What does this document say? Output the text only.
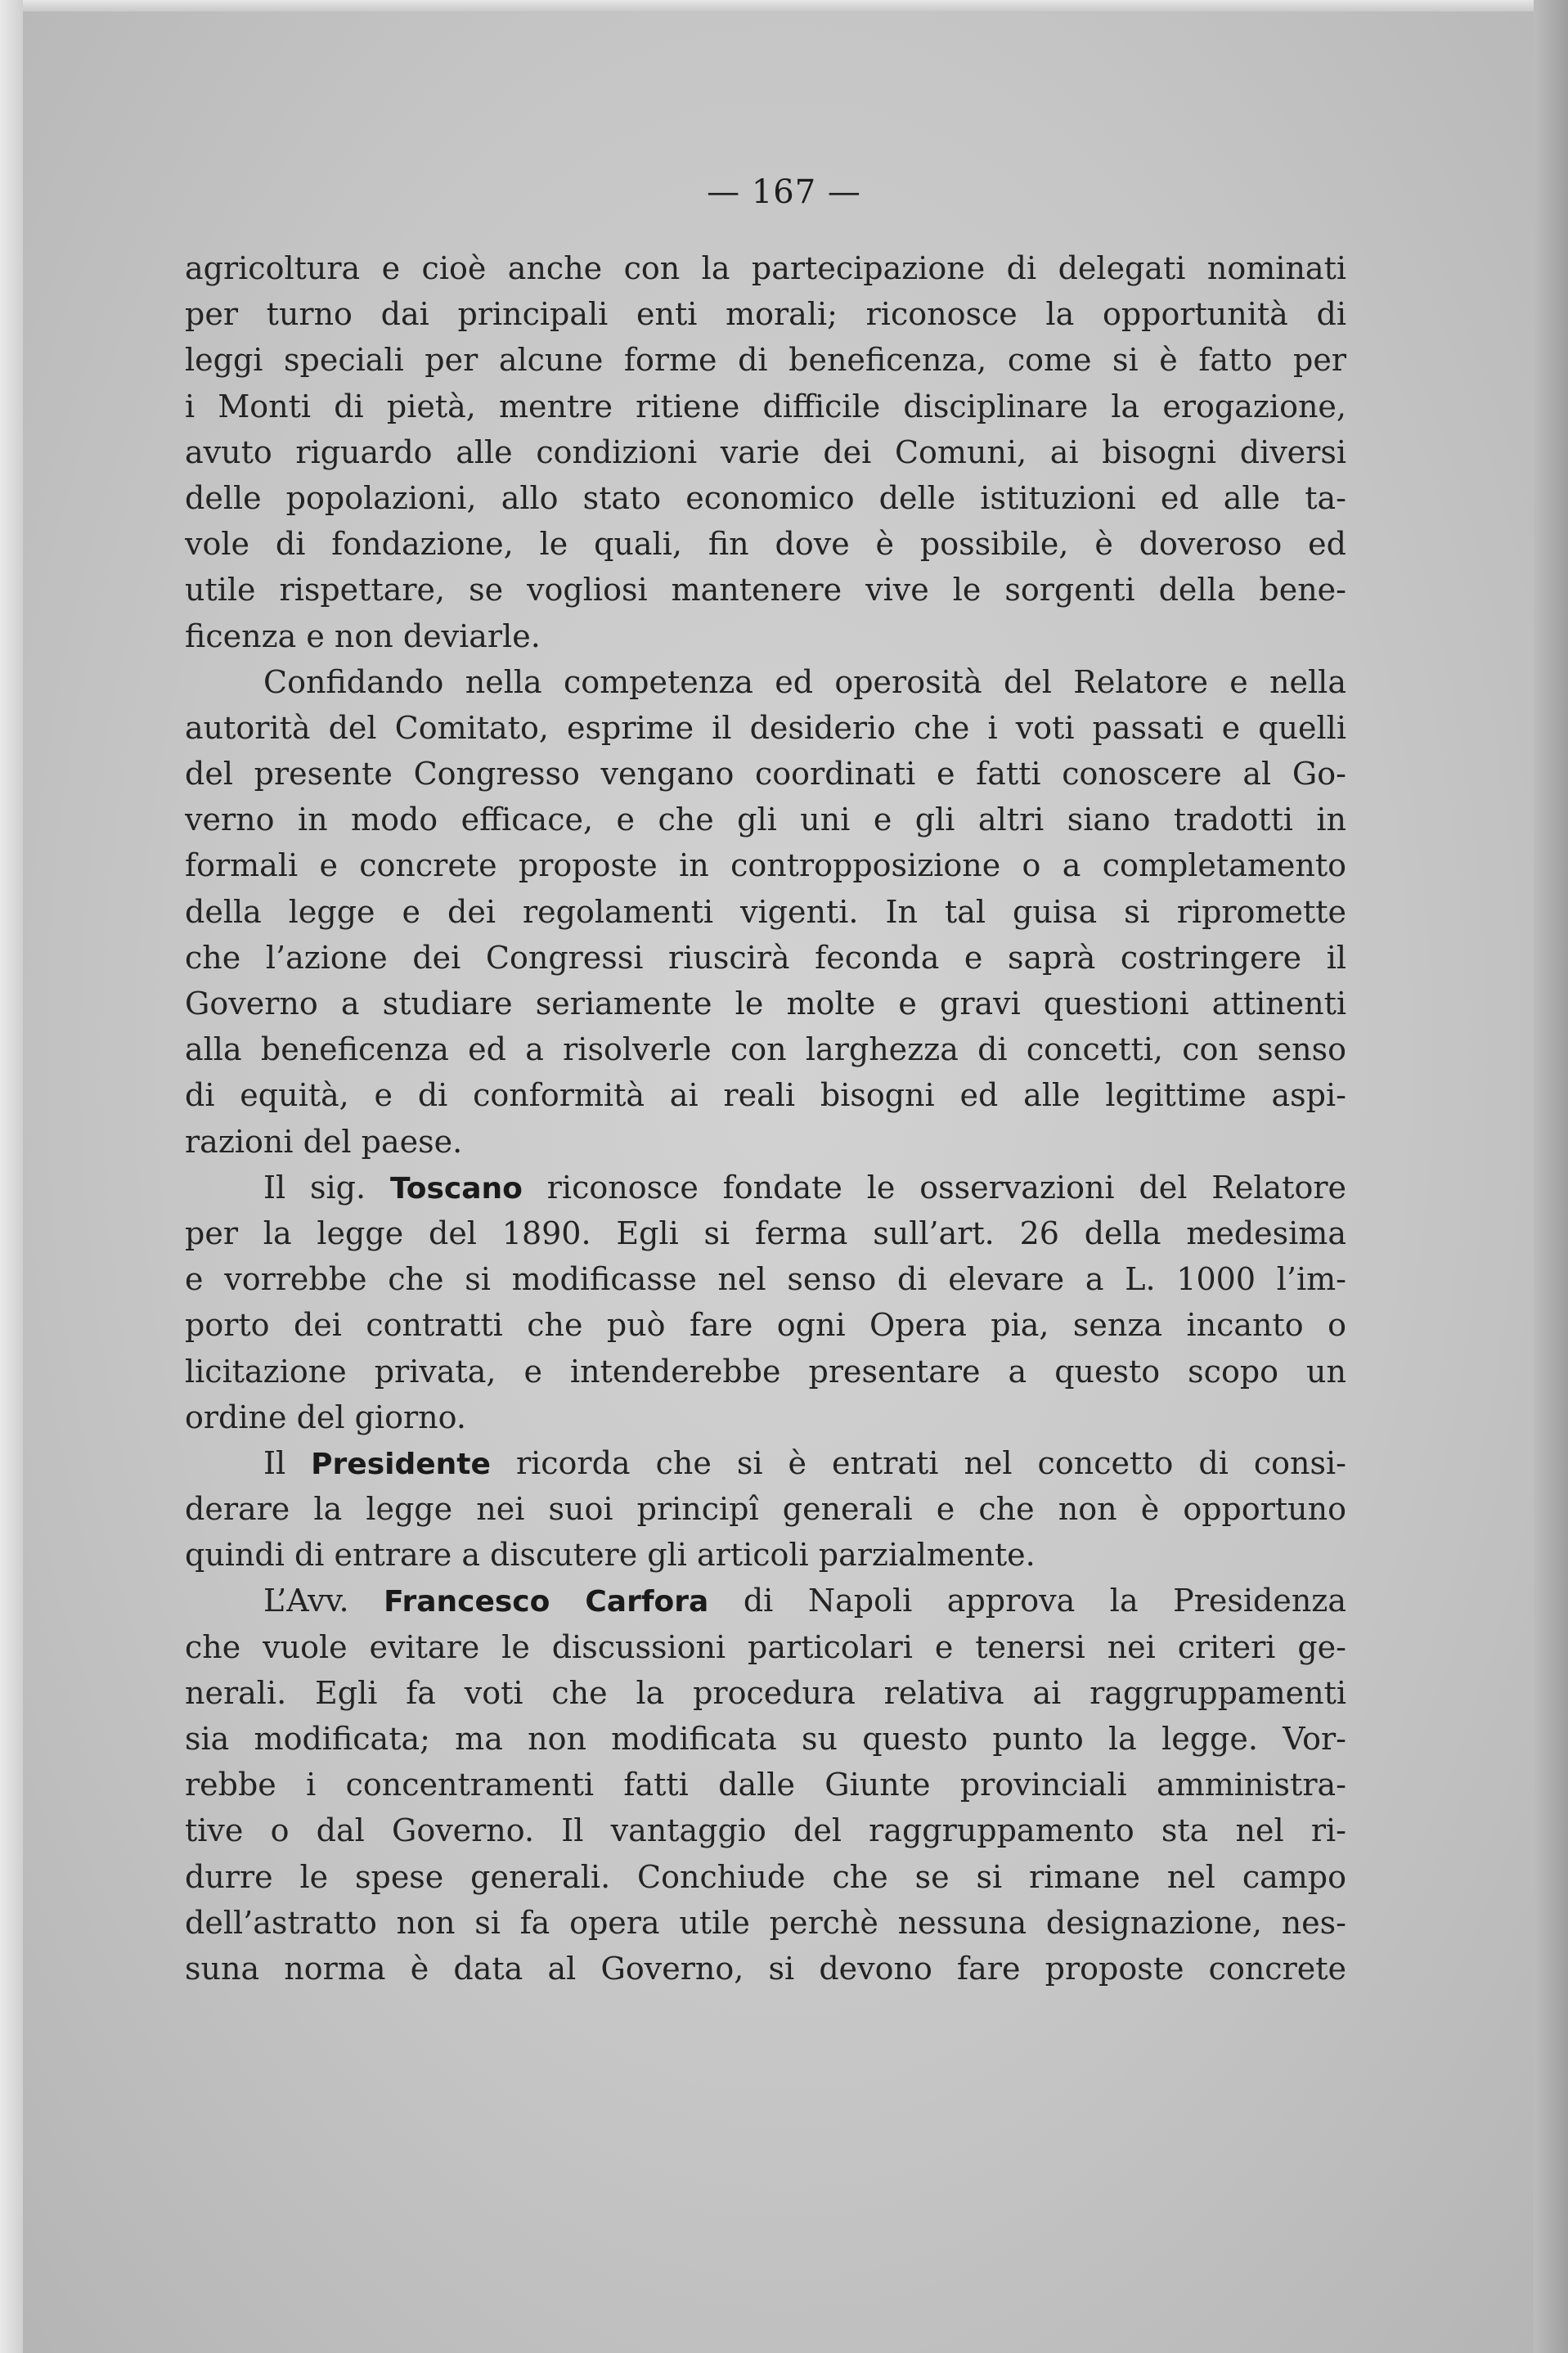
— 167 —
agricoltura e cioè anche con la partecipazione di delegati nominati
per turno dai principali enti morali; riconosce la opportunità di
leggi speciali per alcune forme di beneficenza, come si è fatto per
i Monti di pietà, mentre ritiene difficile disciplinare la erogazione,
avuto riguardo alle condizioni varie dei Comuni, ai bisogni diversi
delle popolazioni, allo stato economico delle istituzioni ed alle ta-
vole di fondazione, le quali, fin dove è possibile, è doveroso ed
utile rispettare, se vogliosi mantenere vive le sorgenti della bene-
ficenza e non deviarle.
Confidando nella competenza ed operosità del Relatore e nella
autorità del Comitato, esprime il desiderio che i voti passati e quelli
del presente Congresso vengano coordinati e fatti conoscere al Go-
verno in modo efficace, e che gli uni e gli altri siano tradotti in
formali e concrete proposte in contropposizione o a completamento
della legge e dei regolamenti vigenti. In tal guisa si ripromette
che l’azione dei Congressi riuscirà feconda e saprà costringere il
Governo a studiare seriamente le molte e gravi questioni attinenti
alla beneficenza ed a risolverle con larghezza di concetti, con senso
di equità, e di conformità ai reali bisogni ed alle legittime aspi-
razioni del paese.
Il sig. Toscano riconosce fondate le osservazioni del Relatore
per la legge del 1890. Egli si ferma sull’art. 26 della medesima
e vorrebbe che si modificasse nel senso di elevare a L. 1000 l’im-
porto dei contratti che può fare ogni Opera pia, senza incanto o
licitazione privata, e intenderebbe presentare a questo scopo un
ordine del giorno.
Il Presidente ricorda che si è entrati nel concetto di consi-
derare la legge nei suoi principî generali e che non è opportuno
quindi di entrare a discutere gli articoli parzialmente.
L’Avv. Francesco Carfora di Napoli approva la Presidenza
che vuole evitare le discussioni particolari e tenersi nei criteri ge-
nerali. Egli fa voti che la procedura relativa ai raggruppamenti
sia modificata; ma non modificata su questo punto la legge. Vor-
rebbe i concentramenti fatti dalle Giunte provinciali amministra-
tive o dal Governo. Il vantaggio del raggruppamento sta nel ri-
durre le spese generali. Conchiude che se si rimane nel campo
dell’astratto non si fa opera utile perchè nessuna designazione, nes-
suna norma è data al Governo, si devono fare proposte concrete
